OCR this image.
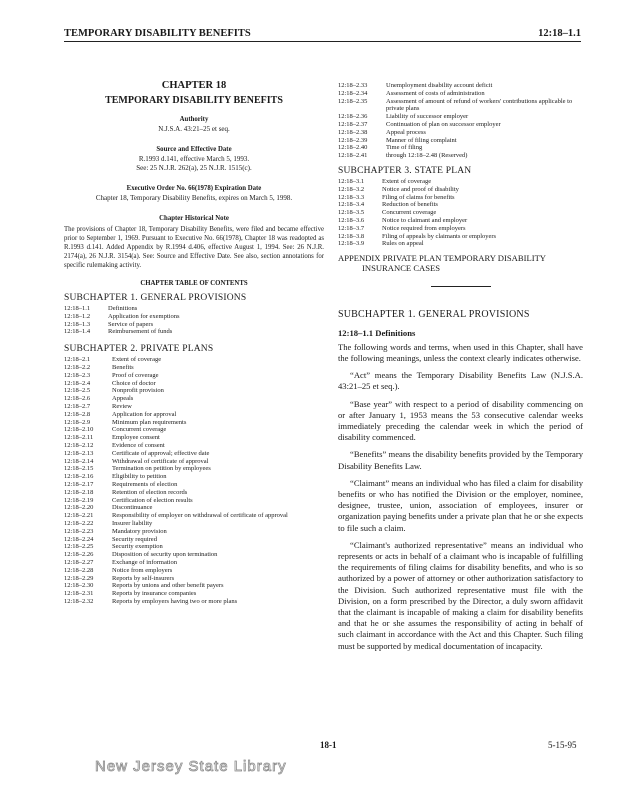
TEMPORARY DISABILITY BENEFITS	12:18–1.1
CHAPTER 18
TEMPORARY DISABILITY BENEFITS
Authority
N.J.S.A. 43:21–25 et seq.
Source and Effective Date
R.1993 d.141, effective March 5, 1993.
See: 25 N.J.R. 262(a), 25 N.J.R. 1515(c).
Executive Order No. 66(1978) Expiration Date
Chapter 18, Temporary Disability Benefits, expires on March 5, 1998.
Chapter Historical Note
The provisions of Chapter 18, Temporary Disability Benefits, were filed and became effective prior to September 1, 1969. Pursuant to Executive No. 66(1978), Chapter 18 was readopted as R.1993 d.141. Added Appendix by R.1994 d.406, effective August 1, 1994. See: 26 N.J.R. 2174(a), 26 N.J.R. 3154(a). See: Source and Effective Date. See also, section annotations for specific rulemaking activity.
CHAPTER TABLE OF CONTENTS
SUBCHAPTER 1. GENERAL PROVISIONS
12:18–1.1	Definitions
12:18–1.2	Application for exemptions
12:18–1.3	Service of papers
12:18–1.4	Reimbursement of funds
SUBCHAPTER 2. PRIVATE PLANS
12:18–2.1	Extent of coverage
12:18–2.2	Benefits
12:18–2.3	Proof of coverage
12:18–2.4	Choice of doctor
12:18–2.5	Nonprofit provision
12:18–2.6	Appeals
12:18–2.7	Review
12:18–2.8	Application for approval
12:18–2.9	Minimum plan requirements
12:18–2.10	Concurrent coverage
12:18–2.11	Employee consent
12:18–2.12	Evidence of consent
12:18–2.13	Certificate of approval; effective date
12:18–2.14	Withdrawal of certificate of approval
12:18–2.15	Termination on petition by employees
12:18–2.16	Eligibility to petition
12:18–2.17	Requirements of election
12:18–2.18	Retention of election records
12:18–2.19	Certification of election results
12:18–2.20	Discontinuance
12:18–2.21	Responsibility of employer on withdrawal of certificate of approval
12:18–2.22	Insurer liability
12:18–2.23	Mandatory provision
12:18–2.24	Security required
12:18–2.25	Security exemption
12:18–2.26	Disposition of security upon termination
12:18–2.27	Exchange of information
12:18–2.28	Notice from employers
12:18–2.29	Reports by self-insurers
12:18–2.30	Reports by unions and other benefit payers
12:18–2.31	Reports by insurance companies
12:18–2.32	Reports by employers having two or more plans
12:18–2.33	Unemployment disability account deficit
12:18–2.34	Assessment of costs of administration
12:18–2.35	Assessment of amount of refund of workers' contributions applicable to private plans
12:18–2.36	Liability of successor employer
12:18–2.37	Continuation of plan on successor employer
12:18–2.38	Appeal process
12:18–2.39	Manner of filing complaint
12:18–2.40	Time of filing
12:18–2.41	through 12:18–2.48 (Reserved)
SUBCHAPTER 3. STATE PLAN
12:18–3.1	Extent of coverage
12:18–3.2	Notice and proof of disability
12:18–3.3	Filing of claims for benefits
12:18–3.4	Reduction of benefits
12:18–3.5	Concurrent coverage
12:18–3.6	Notice to claimant and employer
12:18–3.7	Notice required from employers
12:18–3.8	Filing of appeals by claimants or employers
12:18–3.9	Rules on appeal
APPENDIX PRIVATE PLAN TEMPORARY DISABILITY
INSURANCE CASES
SUBCHAPTER 1. GENERAL PROVISIONS
12:18–1.1 Definitions

The following words and terms, when used in this Chapter, shall have the following meanings, unless the context clearly indicates otherwise.

“Act” means the Temporary Disability Benefits Law (N.J.S.A. 43:21–25 et seq.).

“Base year” with respect to a period of disability commencing on or after January 1, 1953 means the 53 consecutive calendar weeks immediately preceding the calendar week in which the period of disability commenced.

“Benefits” means the disability benefits provided by the Temporary Disability Benefits Law.

“Claimant” means an individual who has filed a claim for disability benefits or who has notified the Division or the employer, nominee, designee, trustee, union, association of employees, insurer or organization paying benefits under a private plan that he or she expects to file such a claim.

“Claimant's authorized representative” means an individual who represents or acts in behalf of a claimant who is incapable of fulfilling the requirements of filing claims for disability benefits, and who is so authorized by a power of attorney or other authorization satisfactory to the Division. Such authorized representative must file with the Division, on a form prescribed by the Director, a duly sworn affidavit that the claimant is incapable of making a claim for disability benefits and that he or she assumes the responsibility of acting in behalf of such claimant in accordance with the Act and this Chapter. Such filing must be supported by medical documentation of incapacity.

18-1	5-15-95
New Jersey State Library
